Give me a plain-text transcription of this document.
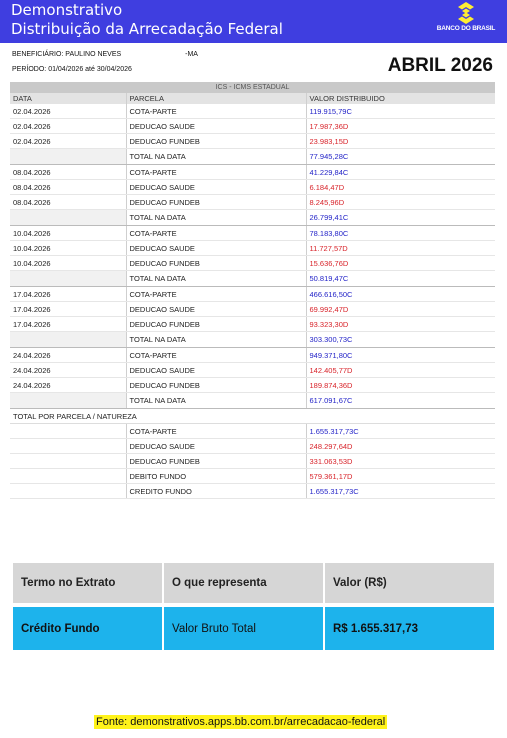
Demonstrativo
Distribuição da Arrecadação Federal	BANCO DO BRASIL
BENEFICIÁRIO: PAULINO NEVES	-MA
PERÍODO: 01/04/2026 até 30/04/2026	ABRIL 2026
ICS - ICMS ESTADUAL
DATA	PARCELA	VALOR DISTRIBUIDO
02.04.2026	COTA-PARTE	119.915,79C
02.04.2026	DEDUCAO SAUDE	17.987,36D
02.04.2026	DEDUCAO FUNDEB	23.983,15D
	TOTAL NA DATA	77.945,28C
08.04.2026	COTA-PARTE	41.229,84C
08.04.2026	DEDUCAO SAUDE	6.184,47D
08.04.2026	DEDUCAO FUNDEB	8.245,96D
	TOTAL NA DATA	26.799,41C
10.04.2026	COTA-PARTE	78.183,80C
10.04.2026	DEDUCAO SAUDE	11.727,57D
10.04.2026	DEDUCAO FUNDEB	15.636,76D
	TOTAL NA DATA	50.819,47C
17.04.2026	COTA-PARTE	466.616,50C
17.04.2026	DEDUCAO SAUDE	69.992,47D
17.04.2026	DEDUCAO FUNDEB	93.323,30D
	TOTAL NA DATA	303.300,73C
24.04.2026	COTA-PARTE	949.371,80C
24.04.2026	DEDUCAO SAUDE	142.405,77D
24.04.2026	DEDUCAO FUNDEB	189.874,36D
	TOTAL NA DATA	617.091,67C
TOTAL POR PARCELA / NATUREZA		
	COTA-PARTE	1.655.317,73C
	DEDUCAO SAUDE	248.297,64D
	DEDUCAO FUNDEB	331.063,53D
	DEBITO FUNDO	579.361,17D
	CREDITO FUNDO	1.655.317,73C
Termo no Extrato	O que representa	Valor (R$)
Crédito Fundo	Valor Bruto Total	R$ 1.655.317,73
Fonte: demonstrativos.apps.bb.com.br/arrecadacao-federal
